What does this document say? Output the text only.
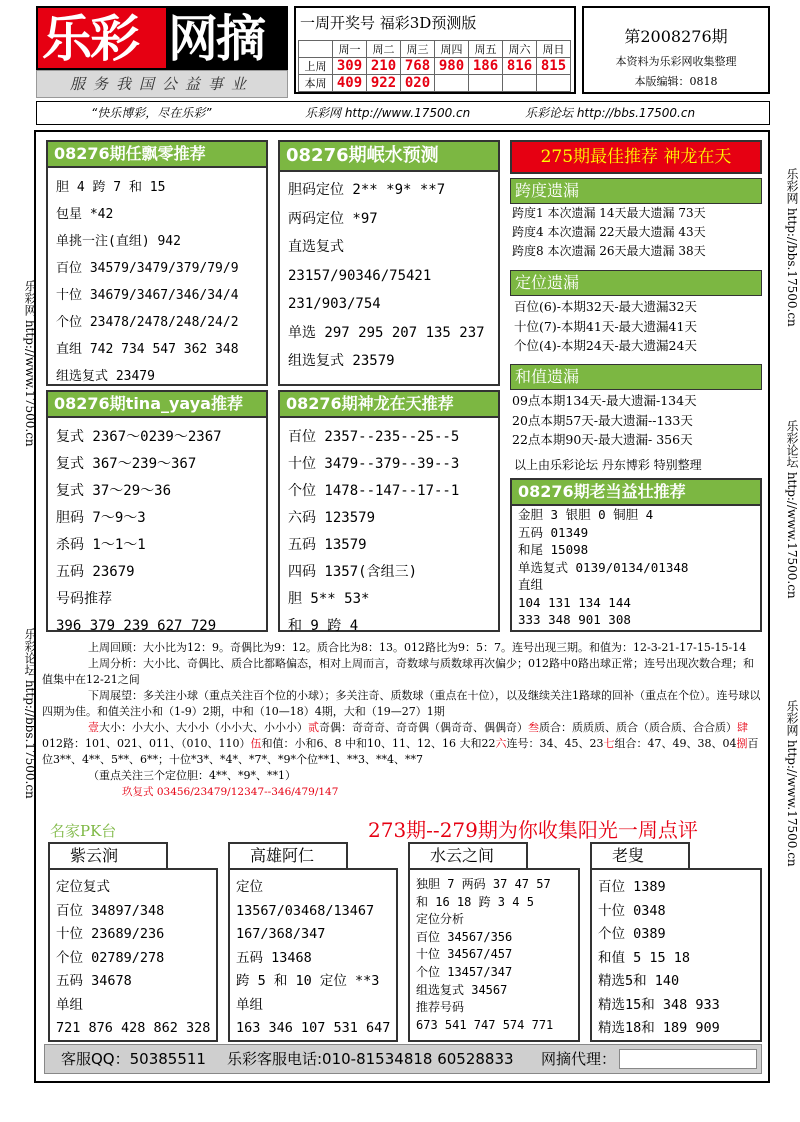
乐彩 网摘
服务我国公益事业
一周开奖号 福彩3D预测版
	周一	周二	周三	周四	周五	周六	周日
上周	309	210	768	980	186	816	815
本周	409	922	020				
第2008276期
本资料为乐彩网收集整理
本版编辑：0818
“快乐博彩，尽在乐彩”	乐彩网 http://www.17500.cn	乐彩论坛 http://bbs.17500.cn
乐彩网 http://www.17500.cn
乐彩论坛 http://bbs.17500.cn
乐彩网 http://bbs.17500.cn
乐彩论坛 http://www.17500.cn
乐彩网 http://www.17500.cn
08276期任飘零推荐
胆 4 跨 7 和 15
包星 *42
单挑一注(直组) 942
百位 34579/3479/379/79/9
十位 34679/3467/346/34/4
个位 23478/2478/248/24/2
直组 742 734 547 362 348
组选复式 23479
08276期岷水预测
胆码定位 2** *9* **7
两码定位 *97
直选复式
23157/90346/75421
231/903/754
单选 297 295 207 135 237
组选复式 23579
08276期tina_yaya推荐
复式 2367～0239～2367
复式 367～239～367
复式 37～29～36
胆码 7～9～3
杀码 1～1～1
五码 23679
号码推荐
396 379 239 627 729
08276期神龙在天推荐
百位 2357--235--25--5
十位 3479--379--39--3
个位 1478--147--17--1
六码 123579
五码 13579
四码 1357(含组三)
胆 5** 53*
和 9 跨 4
275期最佳推荐 神龙在天
跨度遗漏
跨度1 本次遗漏 14天最大遗漏 73天
跨度4 本次遗漏 22天最大遗漏 43天
跨度8 本次遗漏 26天最大遗漏 38天
定位遗漏
百位(6)-本期32天-最大遗漏32天
十位(7)-本期41天-最大遗漏41天
个位(4)-本期24天-最大遗漏24天
和值遗漏
09点本期134天-最大遗漏-134天
20点本期57天-最大遗漏--133天
22点本期90天-最大遗漏- 356天
以上由乐彩论坛 丹东博彩 特别整理
08276期老当益壮推荐
金胆 3 银胆 0 铜胆 4
五码 01349
和尾 15098
单选复式 0139/0134/01348
直组
104 131 134 144
333 348 901 308

上周回顾：大小比为12：9。奇偶比为9：12。质合比为8：13。012路比为9：5：7。连号出现三期。和值为：12-3-21-17-15-15-14

上周分析：大小比、奇偶比、质合比都略偏态，相对上周而言，奇数球与质数球再次偏少；012路中0路出球正常；连号出现次数合理；和值集中在12-21之间

下周展望：多关注小球（重点关注百个位的小球）；多关注奇、质数球（重点在十位），以及继续关注1路球的回补（重点在个位）。连号球以四期为佳。和值关注小和（1-9）2期，中和（10—18）4期，大和（19—27）1期

壹大小：小大小、大小小（小小大、小小小）贰奇偶：奇奇奇、奇奇偶（偶奇奇、偶偶奇）叁质合：质质质、质合（质合质、合合质）肆012路：101、021、011、（010、110）伍和值：小和6、8 中和10、11、12、16 大和22六连号：34、45、23七组合：47、49、38、04捌百位3**、4**、5**、6**；十位*3*、*4*、*7*、*9*个位**1、**3、**4、**7

（重点关注三个定位胆：4**、*9*、**1）

玖复式 03456/23479/12347--346/479/147

名家PK台	273期--279期为你收集阳光一周点评
紫云涧
定位复式
百位 34897/348
十位 23689/236
个位 02789/278
五码 34678
单组
721 876 428 862 328
高雄阿仁
定位
13567/03468/13467
167/368/347
五码 13468
跨 5 和 10 定位 **3
单组
163 346 107 531 647
水云之间
独胆 7 两码 37 47 57
和 16 18 跨 3 4 5
定位分析
百位 34567/356
十位 34567/457
个位 13457/347
组选复式 34567
推荐号码
673 541 747 574 771
老叟
百位 1389
十位 0348
个位 0389
和值 5 15 18
精选5和 140
精选15和 348 933
精选18和 189 909
客服QQ：50385511 乐彩客服电话:010-81534818 60528833 网摘代理：
